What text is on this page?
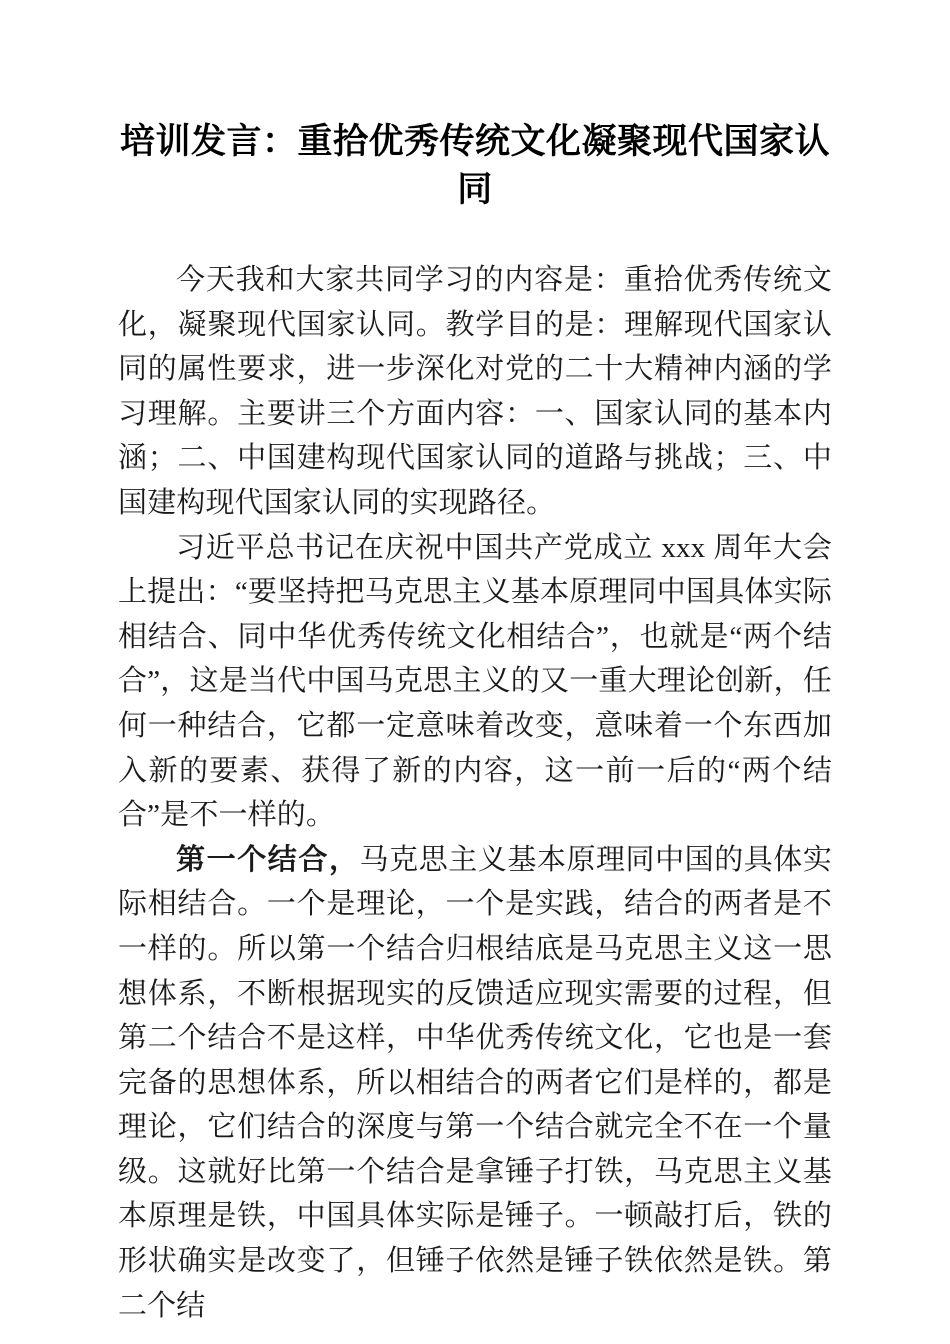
培训发言：重拾优秀传统文化凝聚现代国家认同

今天我和大家共同学习的内容是：重拾优秀传统文化，凝聚现代国家认同。教学目的是：理解现代国家认同的属性要求，进一步深化对党的二十大精神内涵的学习理解。主要讲三个方面内容：一、国家认同的基本内涵；二、中国建构现代国家认同的道路与挑战；三、中国建构现代国家认同的实现路径。

习近平总书记在庆祝中国共产党成立 xxx 周年大会上提出：“要坚持把马克思主义基本原理同中国具体实际相结合、同中华优秀传统文化相结合”，也就是“两个结合”，这是当代中国马克思主义的又一重大理论创新，任何一种结合，它都一定意味着改变，意味着一个东西加入新的要素、获得了新的内容，这一前一后的“两个结合”是不一样的。

第一个结合，马克思主义基本原理同中国的具体实际相结合。一个是理论，一个是实践，结合的两者是不一样的。所以第一个结合归根结底是马克思主义这一思想体系，不断根据现实的反馈适应现实需要的过程，但第二个结合不是这样，中华优秀传统文化，它也是一套完备的思想体系，所以相结合的两者它们是样的，都是理论，它们结合的深度与第一个结合就完全不在一个量级。这就好比第一个结合是拿锤子打铁，马克思主义基本原理是铁，中国具体实际是锤子。一顿敲打后，铁的形状确实是改变了，但锤子依然是锤子铁依然是铁。第二个结
